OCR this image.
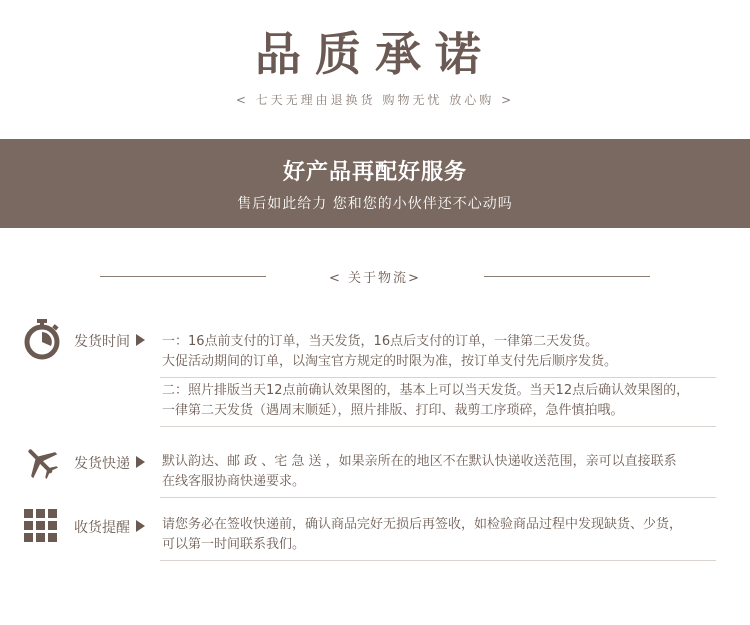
品质承诺
< 七天无理由退换货 购物无忧 放心购 >
好产品再配好服务
售后如此给力 您和您的小伙伴还不心动吗
< 关于物流>
发货时间 一：16点前支付的订单，当天发货，16点后支付的订单，一律第二天发货。
大促活动期间的订单，以淘宝官方规定的时限为准，按订单支付先后顺序发货。
二：照片排版当天12点前确认效果图的，基本上可以当天发货。当天12点后确认效果图的，
一律第二天发货（遇周末顺延），照片排版、打印、裁剪工序琐碎，急件慎拍哦。
发货快递 默认韵达、邮 政 、宅 急 送 ，如果亲所在的地区不在默认快递收送范围，亲可以直接联系
在线客服协商快递要求。
收货提醒 请您务必在签收快递前，确认商品完好无损后再签收，如检验商品过程中发现缺货、少货，
可以第一时间联系我们。
